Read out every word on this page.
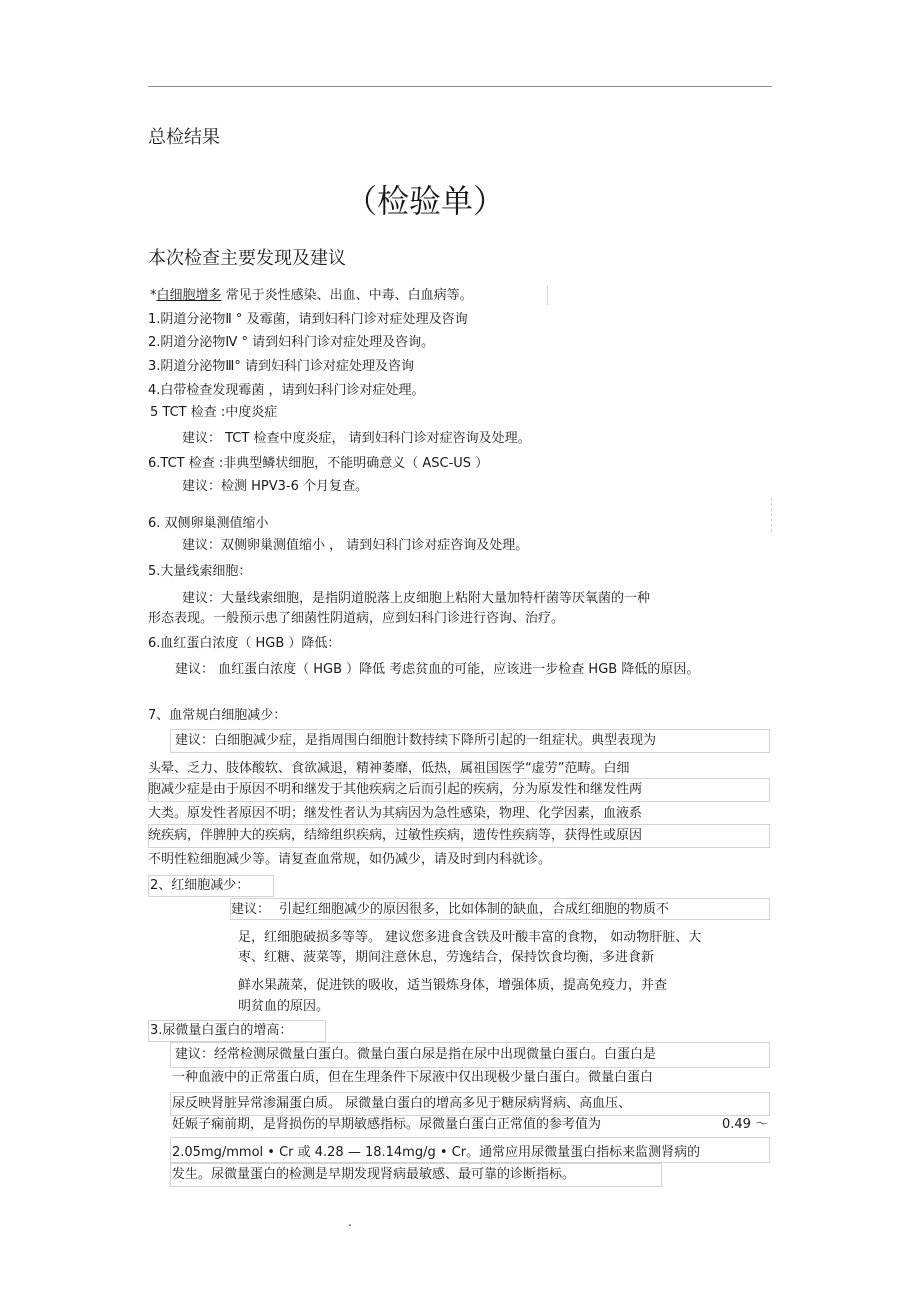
总检结果
（检验单）
本次检查主要发现及建议
*白细胞增多 常见于炎性感染、出血、中毒、白血病等。
1.阴道分泌物Ⅱ ° 及霉菌，请到妇科门诊对症处理及咨询
2.阴道分泌物Ⅳ ° 请到妇科门诊对症处理及咨询。
3.阴道分泌物Ⅲ° 请到妇科门诊对症处理及咨询
4.白带检查发现霉菌 ，请到妇科门诊对症处理。
5 TCT 检查 :中度炎症
建议： TCT 检查中度炎症， 请到妇科门诊对症咨询及处理。
6.TCT 检查 :非典型鳞状细胞，不能明确意义（ ASC-US ）
建议：检测 HPV3-6 个月复查。
6. 双侧卵巢测值缩小
建议：双侧卵巢测值缩小 ， 请到妇科门诊对症咨询及处理。
5.大量线索细胞：
建议：大量线索细胞，是指阴道脱落上皮细胞上粘附大量加特杆菌等厌氧菌的一种
形态表现。一般预示患了细菌性阴道病，应到妇科门诊进行咨询、治疗。
6.血红蛋白浓度（ HGB ）降低：
建议： 血红蛋白浓度（ HGB ）降低 考虑贫血的可能，应该进一步检查 HGB 降低的原因。
7、血常规白细胞减少：
建议：白细胞减少症，是指周围白细胞计数持续下降所引起的一组症状。典型表现为
头晕、乏力、肢体酸软、食欲减退，精神萎靡，低热，属祖国医学“虚劳”范畴。白细
胞减少症是由于原因不明和继发于其他疾病之后而引起的疾病，分为原发性和继发性两
大类。原发性者原因不明；继发性者认为其病因为急性感染，物理、化学因素，血液系
统疾病，伴脾肿大的疾病，结缔组织疾病，过敏性疾病，遗传性疾病等，获得性或原因
不明性粒细胞减少等。请复查血常规，如仍减少，请及时到内科就诊。
2、红细胞减少：
建议： 引起红细胞减少的原因很多，比如体制的缺血，合成红细胞的物质不
足，红细胞破损多等等。 建议您多进食含铁及叶酸丰富的食物， 如动物肝脏、大
枣、红糖、菠菜等，期间注意休息，劳逸结合，保持饮食均衡，多进食新
鲜水果蔬菜，促进铁的吸收，适当锻炼身体，增强体质，提高免疫力，并查
明贫血的原因。
3.尿微量白蛋白的增高：
建议：经常检测尿微量白蛋白。微量白蛋白尿是指在尿中出现微量白蛋白。白蛋白是
一种血液中的正常蛋白质，但在生理条件下尿液中仅出现极少量白蛋白。微量白蛋白
尿反映肾脏异常渗漏蛋白质。 尿微量白蛋白的增高多见于糖尿病肾病、高血压、
妊娠子痫前期，是肾损伤的早期敏感指标。尿微量白蛋白正常值的参考值为	0.49 ～
2.05mg/mmol • Cr 或 4.28 — 18.14mg/g • Cr。通常应用尿微量蛋白指标来监测肾病的
发生。尿微量蛋白的检测是早期发现肾病最敏感、最可靠的诊断指标。
.
